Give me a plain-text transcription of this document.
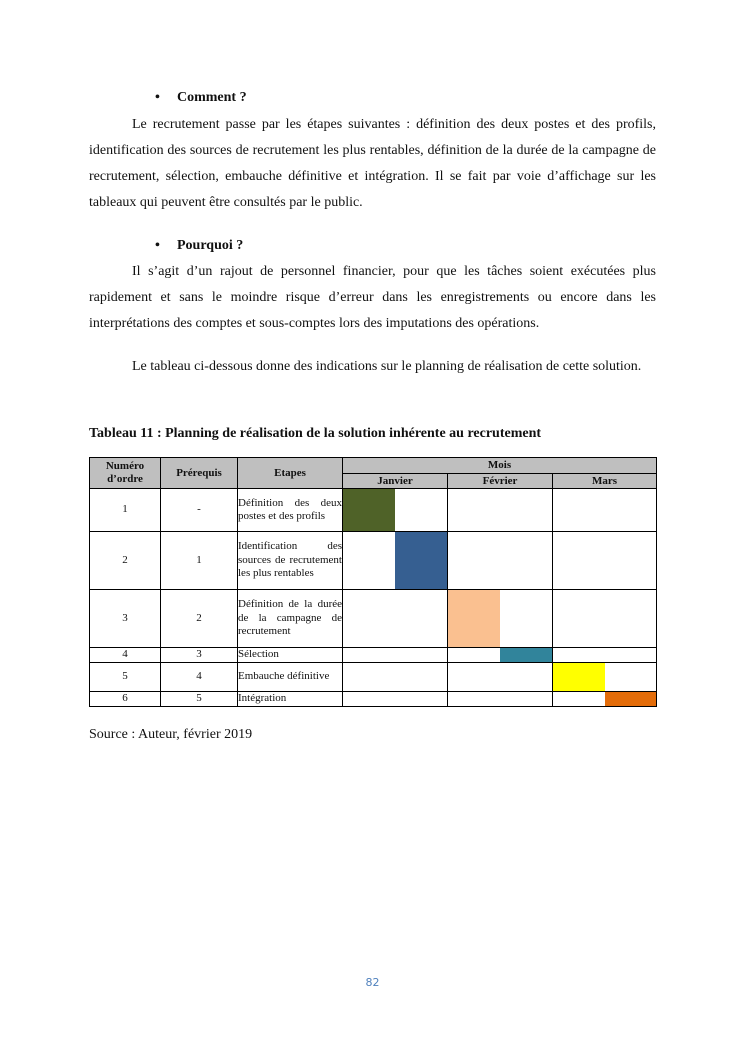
• Comment ?

Le recrutement passe par les étapes suivantes : définition des deux postes et des profils, identification des sources de recrutement les plus rentables, définition de la durée de la campagne de recrutement, sélection, embauche définitive et intégration. Il se fait par voie d’affichage sur les tableaux qui peuvent être consultés par le public.

• Pourquoi ?

Il s’agit d’un rajout de personnel financier, pour que les tâches soient exécutées plus rapidement et sans le moindre risque d’erreur dans les enregistrements ou encore dans les interprétations des comptes et sous-comptes lors des imputations des opérations.

Le tableau ci-dessous donne des indications sur le planning de réalisation de cette solution.

Tableau 11 : Planning de réalisation de la solution inhérente au recrutement
Numéro d’ordre	Prérequis	Etapes	Mois		
			Janvier	Février	Mars
1	-	Définition des deux postes et des profils			

2	1	Identification des sources de recrutement les plus rentables			

3	2	Définition de la durée de la campagne de recrutement			

4	3	Sélection			

5	4	Embauche définitive			

6	5	Intégration			

Source : Auteur, février 2019
82
